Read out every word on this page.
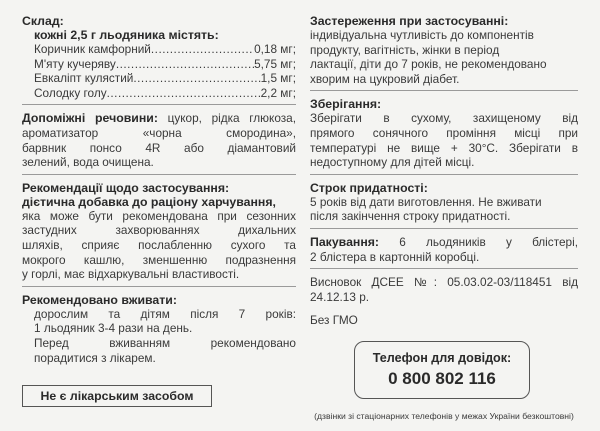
Склад:

кожні 2,5 г льодяника містять:

Коричник камфорний .....	0,18 мг;
М'яту кучеряву .....	5,75 мг;
Евкаліпт кулястий .....	1,5 мг;
Солодку голу .....	2,2 мг;

Допоміжні речовини: цукор, рідка глюкоза,

ароматизатор «чорна смородина»,

барвник понсо 4R або діамантовий

зелений, вода очищена.

Рекомендації щодо застосування:

дієтична добавка до раціону харчування,

яка може бути рекомендована при сезонних

застудних захворюваннях дихальних

шляхів, сприяє послабленню сухого та

мокрого кашлю, зменшенню подразнення

у горлі, має відхаркувальні властивості.

Рекомендовано вживати:

дорослим та дітям після 7 років:

1 льодяник 3-4 рази на день.

Перед вживанням рекомендовано

порадитися з лікарем.

Застереження при застосуванні:

індивідуальна чутливість до компонентів

продукту, вагітність, жінки в період

лактації, діти до 7 років, не рекомендовано

хворим на цукровий діабет.

Зберігання:

Зберігати в сухому, захищеному від

прямого сонячного проміння місці при

температурі не вище + 30°С. Зберігати в

недоступному для дітей місці.

Строк придатності:

5 років від дати виготовлення. Не вживати

після закінчення строку придатності.

Пакування: 6 льодяників у блістері,

2 блістера в картонній коробці.

Висновок ДСЕЕ №: 05.03.02-03/118451 від

24.12.13 р.

Без ГМО

Не є лікарським засобом
Телефон для довідок:
0 800 802 116
(дзвінки зі стаціонарних телефонів у межах України безкоштовні)
